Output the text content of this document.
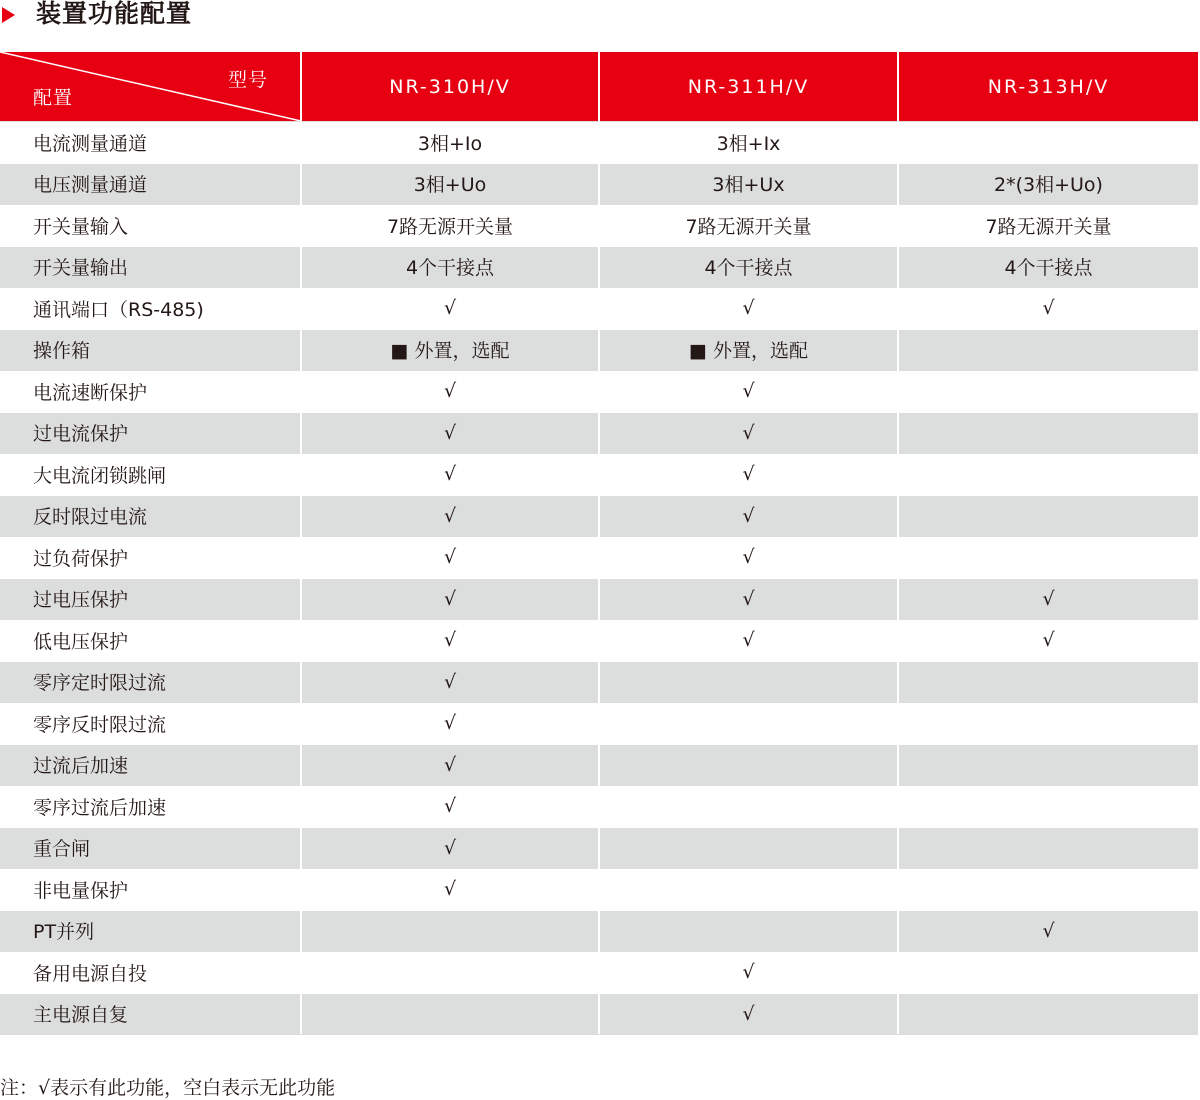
装置功能配置
型号
配置	NR-310H/V	NR-311H/V	NR-313H/V
电流测量通道	3相+Io	3相+Ix	
电压测量通道	3相+Uo	3相+Ux	2*(3相+Uo)
开关量输入	7路无源开关量	7路无源开关量	7路无源开关量
开关量输出	4个干接点	4个干接点	4个干接点
通讯端口（RS-485)	√	√	√
操作箱	■ 外置，选配	■ 外置，选配	
电流速断保护	√	√	
过电流保护	√	√	
大电流闭锁跳闸	√	√	
反时限过电流	√	√	
过负荷保护	√	√	
过电压保护	√	√	√
低电压保护	√	√	√
零序定时限过流	√		
零序反时限过流	√		
过流后加速	√		
零序过流后加速	√		
重合闸	√		
非电量保护	√		
PT并列			√
备用电源自投		√	
主电源自复		√	
注：√表示有此功能，空白表示无此功能
